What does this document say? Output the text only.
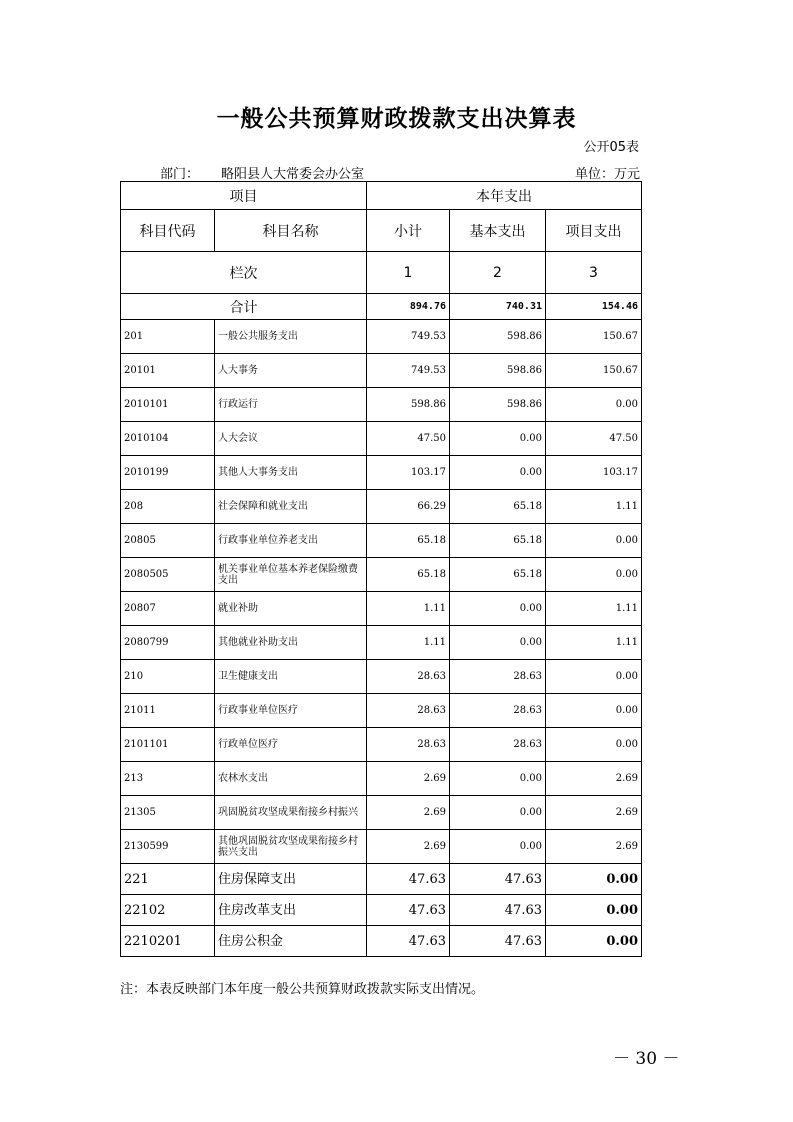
一般公共预算财政拨款支出决算表
公开05表
部门： 略阳县人大常委会办公室	单位：万元
项目		本年支出		
科目代码	科目名称	小计	基本支出	项目支出
栏次		1	2	3
合计		894.76	740.31	154.46
201	一般公共服务支出	749.53	598.86	150.67
20101	人大事务	749.53	598.86	150.67
2010101	行政运行	598.86	598.86	0.00
2010104	人大会议	47.50	0.00	47.50
2010199	其他人大事务支出	103.17	0.00	103.17
208	社会保障和就业支出	66.29	65.18	1.11
20805	行政事业单位养老支出	65.18	65.18	0.00
2080505	机关事业单位基本养老保险缴费支出	65.18	65.18	0.00
20807	就业补助	1.11	0.00	1.11
2080799	其他就业补助支出	1.11	0.00	1.11
210	卫生健康支出	28.63	28.63	0.00
21011	行政事业单位医疗	28.63	28.63	0.00
2101101	行政单位医疗	28.63	28.63	0.00
213	农林水支出	2.69	0.00	2.69
21305	巩固脱贫攻坚成果衔接乡村振兴	2.69	0.00	2.69
2130599	其他巩固脱贫攻坚成果衔接乡村振兴支出	2.69	0.00	2.69
221	住房保障支出	47.63	47.63	0.00
22102	住房改革支出	47.63	47.63	0.00
2210201	住房公积金	47.63	47.63	0.00
注：本表反映部门本年度一般公共预算财政拨款实际支出情况。
－ 30 －
